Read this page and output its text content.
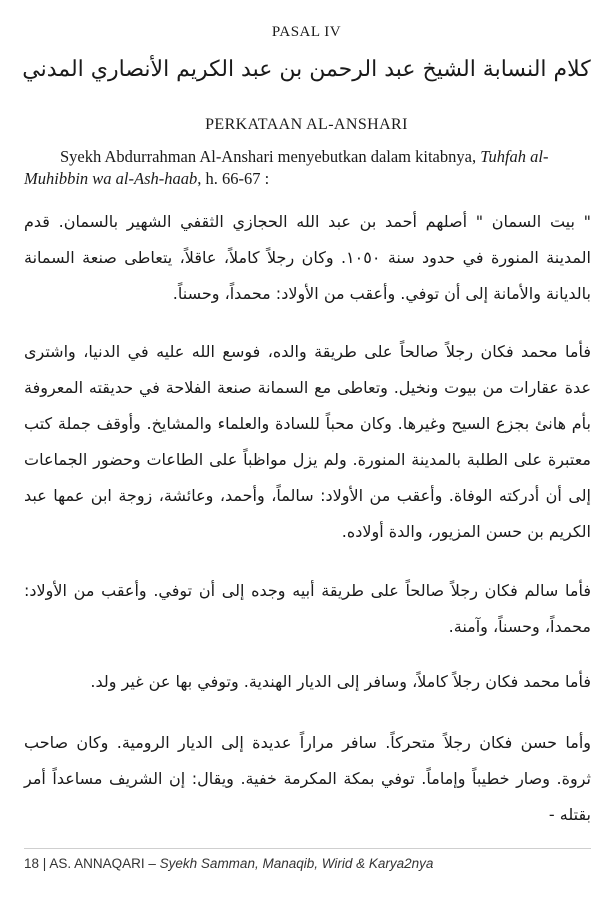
PASAL IV
كلام النسابة الشيخ عبد الرحمن بن عبد الكريم الأنصاري المدني
PERKATAAN AL-ANSHARI
Syekh Abdurrahman Al-Anshari menyebutkan dalam kitabnya, Tuhfah al-Muhibbin wa al-Ash-haab, h. 66-67 :

" بيت السمان " أصلهم أحمد بن عبد الله الحجازي الثقفي الشهير بالسمان. قدم المدينة المنورة في حدود سنة ١٠٥٠. وكان رجلاً كاملاً، عاقلاً، يتعاطى صنعة السمانة بالديانة والأمانة إلى أن توفي. وأعقب من الأولاد: محمداً، وحسناً.

فأما محمد فكان رجلاً صالحاً على طريقة والده، فوسع الله عليه في الدنيا، واشترى عدة عقارات من بيوت ونخيل. وتعاطى مع السمانة صنعة الفلاحة في حديقته المعروفة بأم هانئ بجزع السيح وغيرها. وكان محباً للسادة والعلماء والمشايخ. وأوقف جملة كتب معتبرة على الطلبة بالمدينة المنورة. ولم يزل مواظباً على الطاعات وحضور الجماعات إلى أن أدركته الوفاة. وأعقب من الأولاد: سالماً، وأحمد، وعائشة، زوجة ابن عمها عبد الكريم بن حسن المزيور، والدة أولاده.

فأما سالم فكان رجلاً صالحاً على طريقة أبيه وجده إلى أن توفي. وأعقب من الأولاد: محمداً، وحسناً، وآمنة.

فأما محمد فكان رجلاً كاملاً، وسافر إلى الديار الهندية. وتوفي بها عن غير ولد.

وأما حسن فكان رجلاً متحركاً. سافر مراراً عديدة إلى الديار الرومية. وكان صاحب ثروة. وصار خطيباً وإماماً. توفي بمكة المكرمة خفية. ويقال: إن الشريف مساعداً أمر بقتله -

18 | AS. ANNAQARI – Syekh Samman, Manaqib, Wirid & Karya2nya
